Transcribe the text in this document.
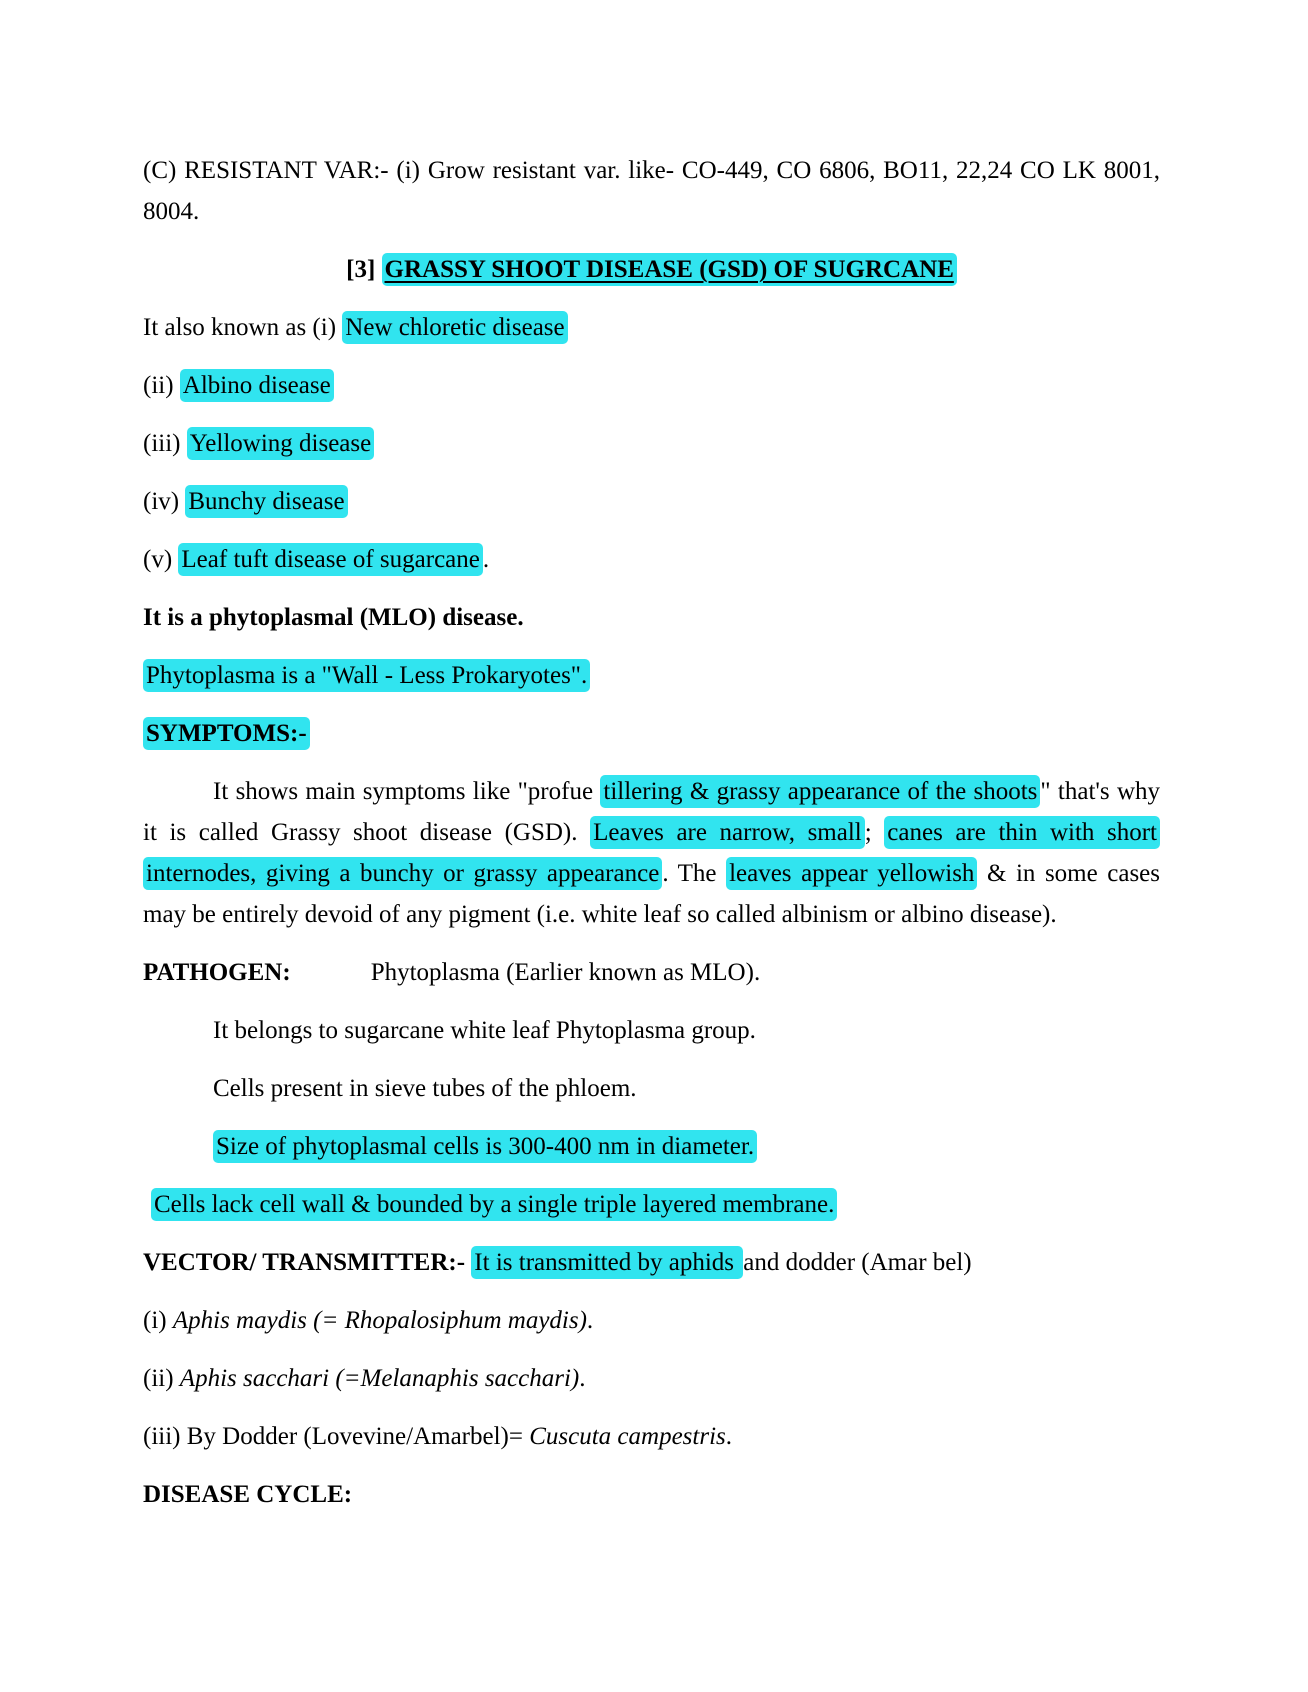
(C) RESISTANT VAR:- (i) Grow resistant var. like- CO-449, CO 6806, BO11, 22,24 CO LK 8001, 8004.
[3] GRASSY SHOOT DISEASE (GSD) OF SUGRCANE
It also known as (i) New chloretic disease
(ii) Albino disease
(iii) Yellowing disease
(iv) Bunchy disease
(v) Leaf tuft disease of sugarcane .
It is a phytoplasmal (MLO) disease.
Phytoplasma is a "Wall - Less Prokaryotes".
SYMPTOMS:-
It shows main symptoms like "profue tillering & grassy appearance of the shoots " that's why it is called Grassy shoot disease (GSD). Leaves are narrow, small ; canes are thin with short internodes, giving a bunchy or grassy appearance . The leaves appear yellowish & in some cases may be entirely devoid of any pigment (i.e. white leaf so called albinism or albino disease).
PATHOGEN:	Phytoplasma (Earlier known as MLO).
It belongs to sugarcane white leaf Phytoplasma group.
Cells present in sieve tubes of the phloem.
Size of phytoplasmal cells is 300-400 nm in diameter.
Cells lack cell wall & bounded by a single triple layered membrane.
VECTOR/ TRANSMITTER:- It is transmitted by aphids and dodder (Amar bel)
(i) Aphis maydis (= Rhopalosiphum maydis).
(ii) Aphis sacchari (=Melanaphis sacchari).
(iii) By Dodder (Lovevine/Amarbel)= Cuscuta campestris.
DISEASE CYCLE:
